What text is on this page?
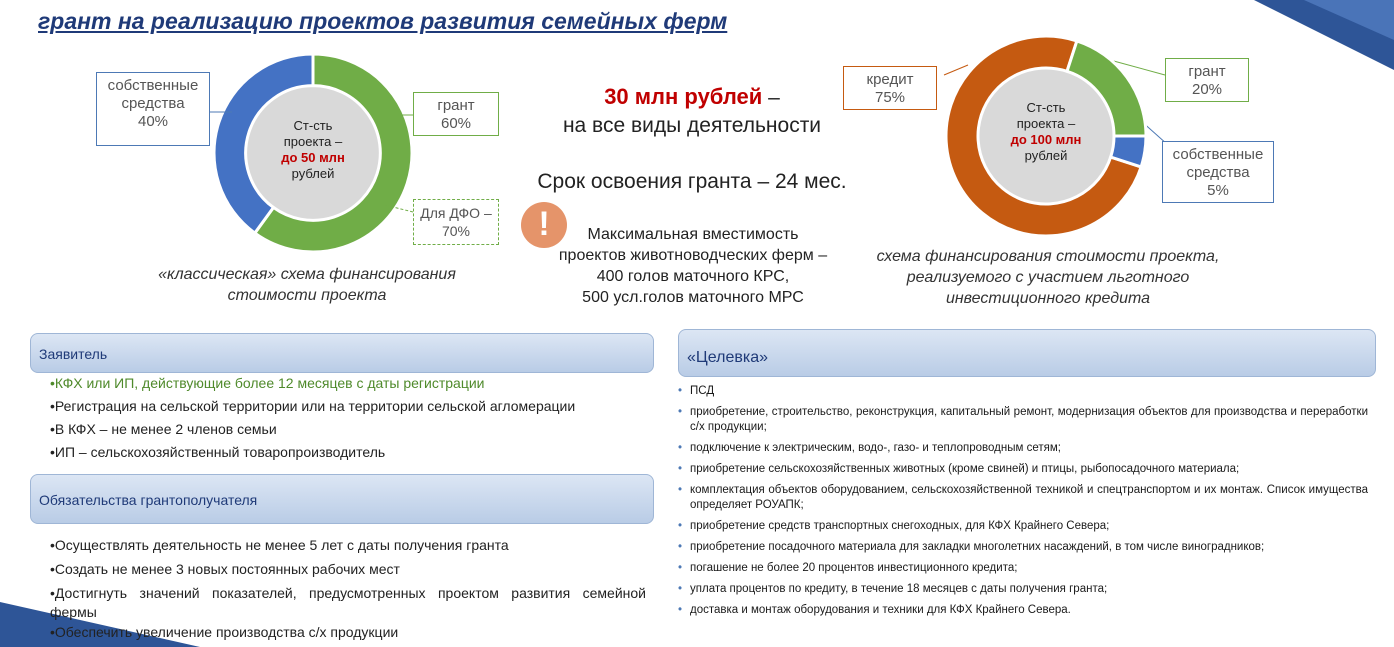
грант на реализацию проектов развития семейных ферм
Ст-сть
проекта –
до 50 млн
рублей
собственные средства
40%
грант
60%
Для ДФО – 70%
«классическая» схема финансирования
стоимости проекта
30 млн рублей –
на все виды деятельности
Срок освоения гранта – 24 мес.
!	Максимальная вместимость
проектов животноводческих ферм –
400 голов маточного КРС,
500 усл.голов маточного МРС
Ст-сть
проекта –
до 100 млн
рублей
кредит
75%
грант
20%
собственные средства
5%
схема финансирования стоимости проекта,
реализуемого с участием льготного
инвестиционного кредита
Заявитель
•КФХ или ИП, действующие более 12 месяцев с даты регистрации
•Регистрация на сельской территории или на территории сельской агломерации
•В КФХ – не менее 2 членов семьи
•ИП – сельскохозяйственный товаропроизводитель
Обязательства грантополучателя
•Осуществлять деятельность не менее 5 лет с даты получения гранта
•Создать не менее 3 новых постоянных рабочих мест
•Достигнуть значений показателей, предусмотренных проектом развития семейной фермы
•Обеспечить увеличение производства с/х продукции
«Целевка»
• ПСД
• приобретение, строительство, реконструкция, капитальный ремонт, модернизация объектов для производства и переработки с/х продукции;
• подключение к электрическим, водо-, газо- и теплопроводным сетям;
• приобретение сельскохозяйственных животных (кроме свиней) и птицы, рыбопосадочного материала;
• комплектация объектов оборудованием, сельскохозяйственной техникой и спецтранспортом и их монтаж. Список имущества определяет РОУАПК;
• приобретение средств транспортных снегоходных, для КФХ Крайнего Севера;
• приобретение посадочного материала для закладки многолетних насаждений, в том числе виноградников;
• погашение не более 20 процентов инвестиционного кредита;
• уплата процентов по кредиту, в течение 18 месяцев с даты получения гранта;
• доставка и монтаж оборудования и техники для КФХ Крайнего Севера.
